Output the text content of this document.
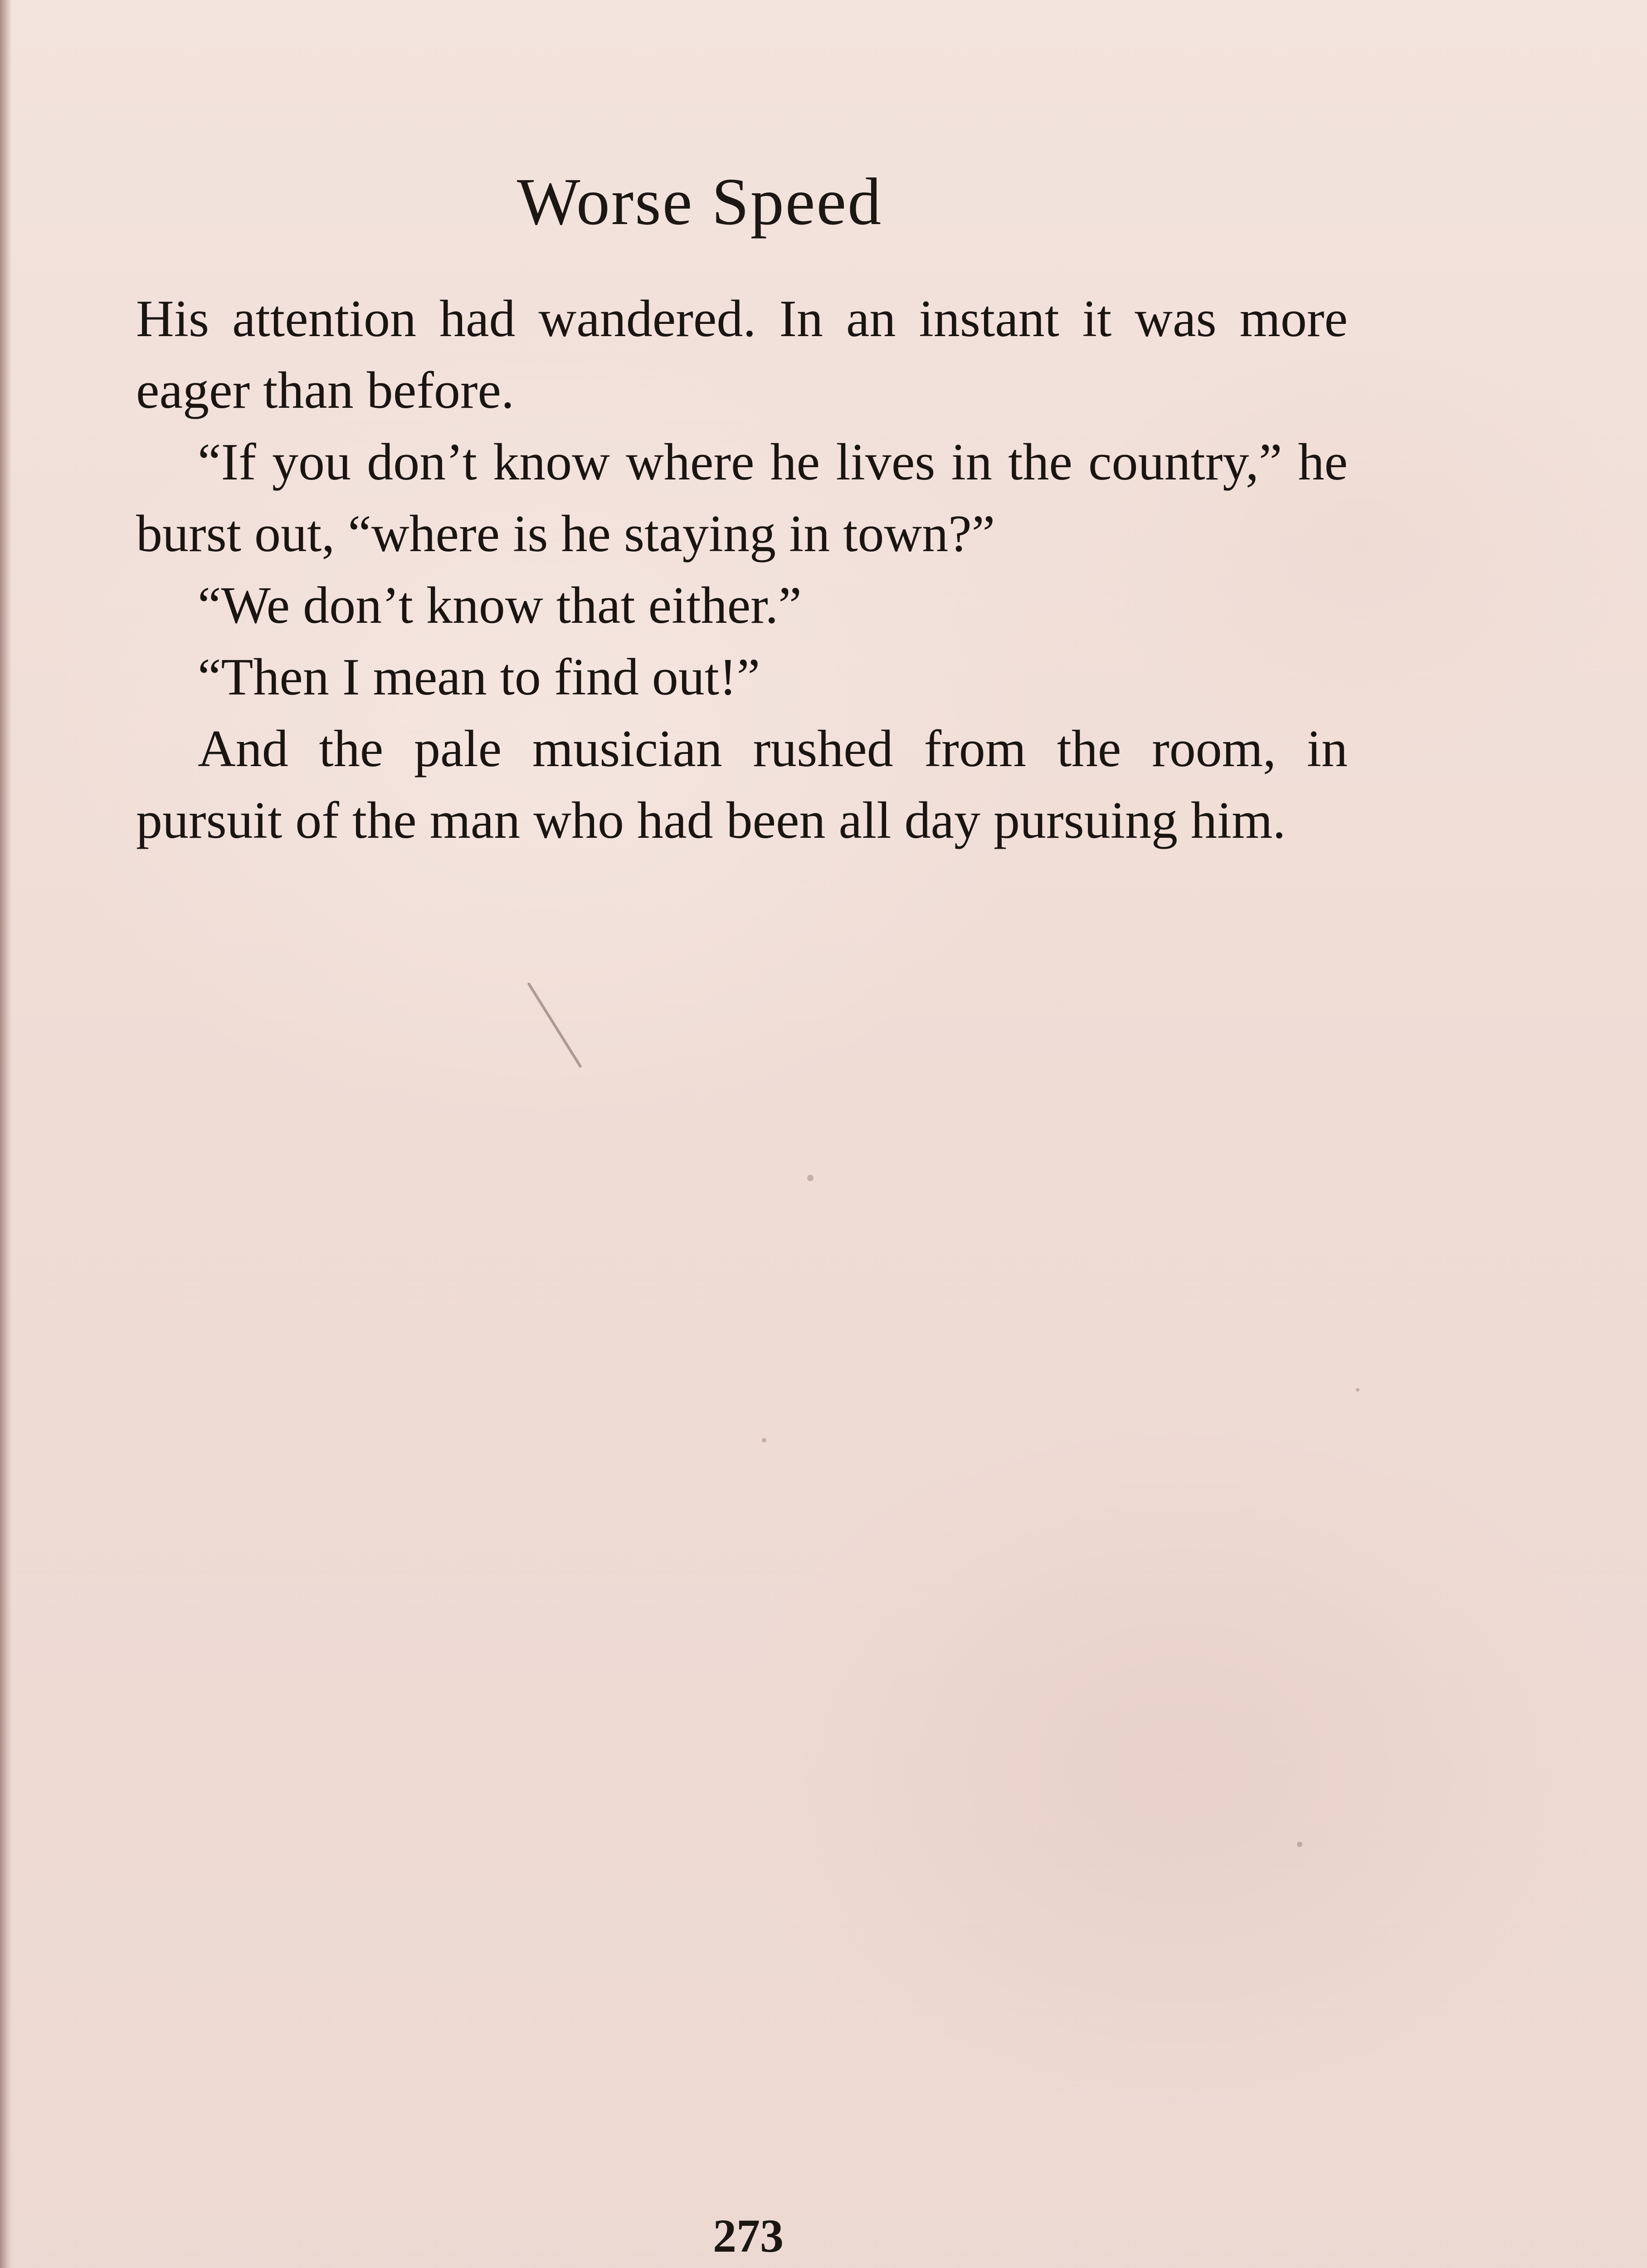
Worse Speed

His attention had wandered. In an instant it was more eager than before.

“If you don’t know where he lives in the country,” he burst out, “where is he staying in town?”

“We don’t know that either.”

“Then I mean to find out!”

And the pale musician rushed from the room, in pursuit of the man who had been all day pursuing him.

273
